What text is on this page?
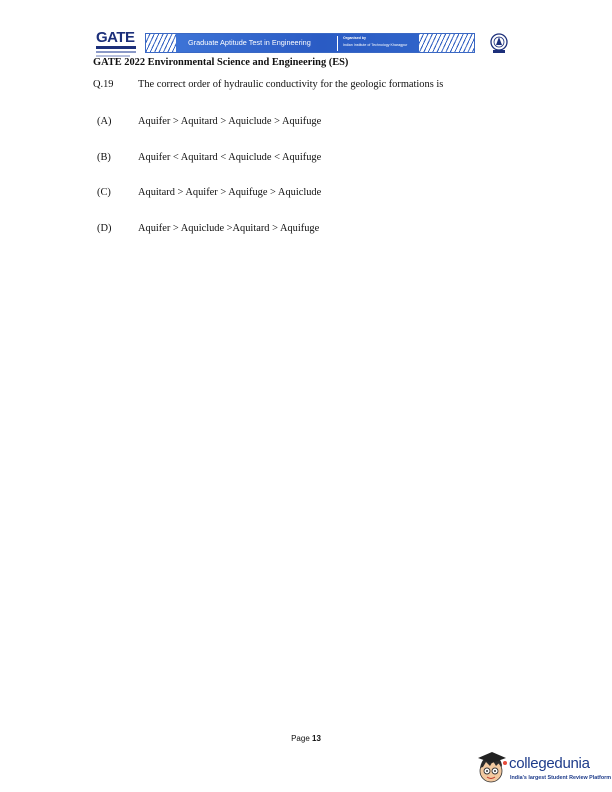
GATE	Graduate Aptitude Test in Engineering	Organised by
Indian Institute of Technology Kharagpur
GATE 2022 Environmental Science and Engineering (ES)
Q.19 The correct order of hydraulic conductivity for the geologic formations is
(A)	Aquifer > Aquitard > Aquiclude > Aquifuge
(B)	Aquifer < Aquitard < Aquiclude < Aquifuge
(C)	Aquitard > Aquifer > Aquifuge > Aquiclude
(D)	Aquifer > Aquiclude >Aquitard > Aquifuge
Page 13
collegedunia
India's largest Student Review Platform
